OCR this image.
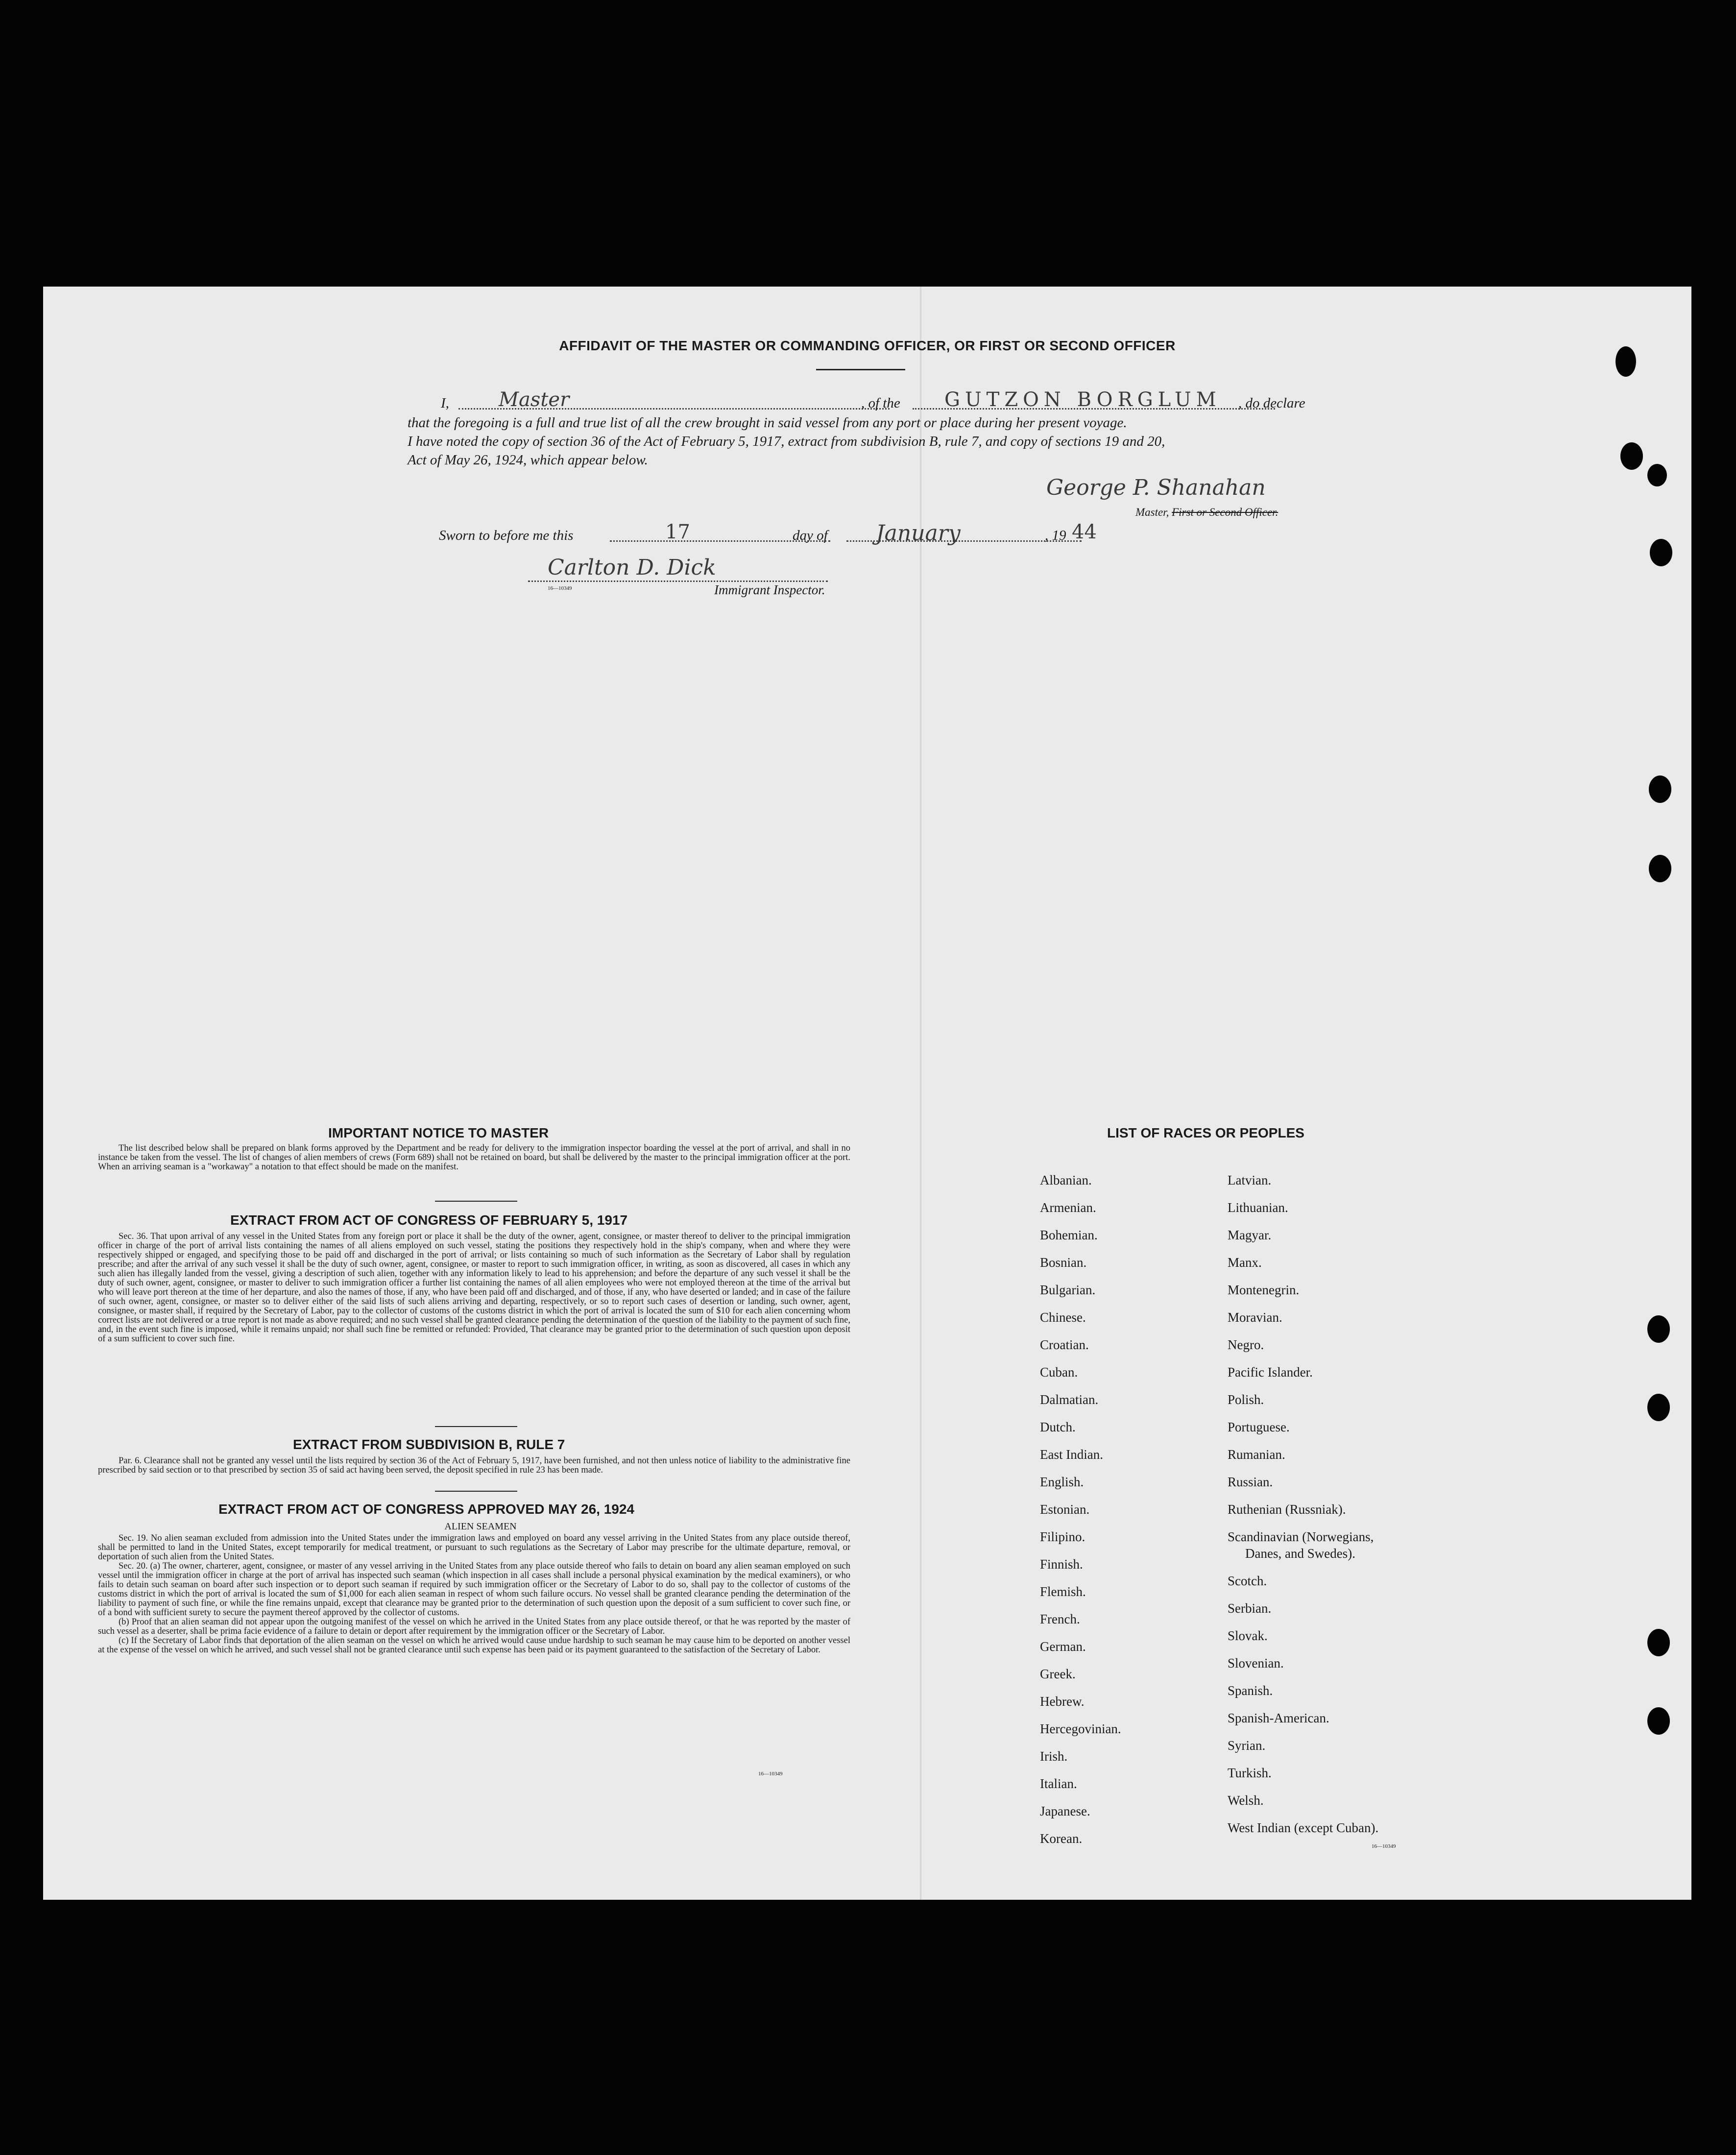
AFFIDAVIT OF THE MASTER OR COMMANDING OFFICER, OR FIRST OR SECOND OFFICER
I,	Master	, of the GUTZON BORGLUM , do declare
that the foregoing is a full and true list of all the crew brought in said vessel from any port or place during her present voyage.
I have noted the copy of section 36 of the Act of February 5, 1917, extract from subdivision B, rule 7, and copy of sections 19 and 20,
Act of May 26, 1924, which appear below.
George P. Shanahan
Master, First or Second Officer.
Sworn to before me this	17	day of January	, 19 44
Carlton D. Dick
16—10349	Immigrant Inspector.
IMPORTANT NOTICE TO MASTER
The list described below shall be prepared on blank forms approved by the Department and be ready for delivery to the immigration inspector boarding the vessel at the port of arrival, and shall in no instance be taken from the vessel. The list of changes of alien members of crews (Form 689) shall not be retained on board, but shall be delivered by the master to the principal immigration officer at the port. When an arriving seaman is a "workaway" a notation to that effect should be made on the manifest.
EXTRACT FROM ACT OF CONGRESS OF FEBRUARY 5, 1917
Sec. 36. That upon arrival of any vessel in the United States from any foreign port or place it shall be the duty of the owner, agent, consignee, or master thereof to deliver to the principal immigration officer in charge of the port of arrival lists containing the names of all aliens employed on such vessel, stating the positions they respectively hold in the ship's company, when and where they were respectively shipped or engaged, and specifying those to be paid off and discharged in the port of arrival; or lists containing so much of such information as the Secretary of Labor shall by regulation prescribe; and after the arrival of any such vessel it shall be the duty of such owner, agent, consignee, or master to report to such immigration officer, in writing, as soon as discovered, all cases in which any such alien has illegally landed from the vessel, giving a description of such alien, together with any information likely to lead to his apprehension; and before the departure of any such vessel it shall be the duty of such owner, agent, consignee, or master to deliver to such immigration officer a further list containing the names of all alien employees who were not employed thereon at the time of the arrival but who will leave port thereon at the time of her departure, and also the names of those, if any, who have been paid off and discharged, and of those, if any, who have deserted or landed; and in case of the failure of such owner, agent, consignee, or master so to deliver either of the said lists of such aliens arriving and departing, respectively, or so to report such cases of desertion or landing, such owner, agent, consignee, or master shall, if required by the Secretary of Labor, pay to the collector of customs of the customs district in which the port of arrival is located the sum of $10 for each alien concerning whom correct lists are not delivered or a true report is not made as above required; and no such vessel shall be granted clearance pending the determination of the question of the liability to the payment of such fine, and, in the event such fine is imposed, while it remains unpaid; nor shall such fine be remitted or refunded: Provided, That clearance may be granted prior to the determination of such question upon deposit of a sum sufficient to cover such fine.
EXTRACT FROM SUBDIVISION B, RULE 7
Par. 6. Clearance shall not be granted any vessel until the lists required by section 36 of the Act of February 5, 1917, have been furnished, and not then unless notice of liability to the administrative fine prescribed by said section or to that prescribed by section 35 of said act having been served, the deposit specified in rule 23 has been made.
EXTRACT FROM ACT OF CONGRESS APPROVED MAY 26, 1924
ALIEN SEAMEN
Sec. 19. No alien seaman excluded from admission into the United States under the immigration laws and employed on board any vessel arriving in the United States from any place outside thereof, shall be permitted to land in the United States, except temporarily for medical treatment, or pursuant to such regulations as the Secretary of Labor may prescribe for the ultimate departure, removal, or deportation of such alien from the United States.
Sec. 20. (a) The owner, charterer, agent, consignee, or master of any vessel arriving in the United States from any place outside thereof who fails to detain on board any alien seaman employed on such vessel until the immigration officer in charge at the port of arrival has inspected such seaman (which inspection in all cases shall include a personal physical examination by the medical examiners), or who fails to detain such seaman on board after such inspection or to deport such seaman if required by such immigration officer or the Secretary of Labor to do so, shall pay to the collector of customs of the customs district in which the port of arrival is located the sum of $1,000 for each alien seaman in respect of whom such failure occurs. No vessel shall be granted clearance pending the determination of the liability to payment of such fine, or while the fine remains unpaid, except that clearance may be granted prior to the determination of such question upon the deposit of a sum sufficient to cover such fine, or of a bond with sufficient surety to secure the payment thereof approved by the collector of customs.
(b) Proof that an alien seaman did not appear upon the outgoing manifest of the vessel on which he arrived in the United States from any place outside thereof, or that he was reported by the master of such vessel as a deserter, shall be prima facie evidence of a failure to detain or deport after requirement by the immigration officer or the Secretary of Labor.
(c) If the Secretary of Labor finds that deportation of the alien seaman on the vessel on which he arrived would cause undue hardship to such seaman he may cause him to be deported on another vessel at the expense of the vessel on which he arrived, and such vessel shall not be granted clearance until such expense has been paid or its payment guaranteed to the satisfaction of the Secretary of Labor.
16—10349
LIST OF RACES OR PEOPLES
Albanian.
Armenian.
Bohemian.
Bosnian.
Bulgarian.
Chinese.
Croatian.
Cuban.
Dalmatian.
Dutch.
East Indian.
English.
Estonian.
Filipino.
Finnish.
Flemish.
French.
German.
Greek.
Hebrew.
Hercegovinian.
Irish.
Italian.
Japanese.
Korean.
Latvian.
Lithuanian.
Magyar.
Manx.
Montenegrin.
Moravian.
Negro.
Pacific Islander.
Polish.
Portuguese.
Rumanian.
Russian.
Ruthenian (Russniak).
Scandinavian (Norwegians,
Danes, and Swedes).
Scotch.
Serbian.
Slovak.
Slovenian.
Spanish.
Spanish-American.
Syrian.
Turkish.
Welsh.
West Indian (except Cuban).
16—10349
